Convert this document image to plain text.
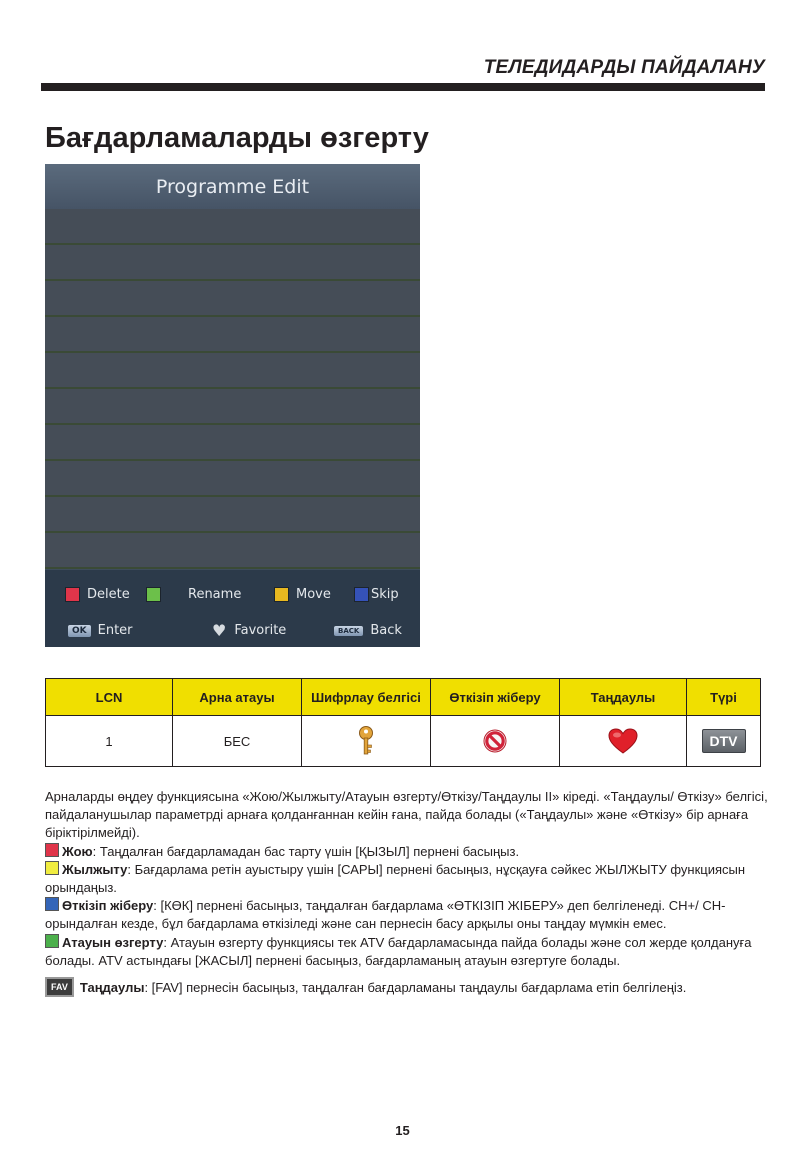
ТЕЛЕДИДАРДЫ ПАЙДАЛАНУ
Бағдарламаларды өзгерту
Programme Edit
Delete	Rename	Move	Skip
OK Enter	♥ Favorite	BACK Back
LCN	Арна атауы	Шифрлау белгісі	Өткізіп жіберу	Таңдаулы	Түрі
1	БЕС				DTV

Арналарды өңдеу функциясына «Жою/Жылжыту/Атауын өзгерту/Өткізу/Таңдаулы II» кіреді. «Таңдаулы/ Өткізу» белгісі, пайдаланушылар параметрді арнаға қолданғаннан кейін ғана, пайда болады («Таңдаулы» және «Өткізу» бір арнаға біріктірілмейді).

Жою: Таңдалған бағдарламадан бас тарту үшін [ҚЫЗЫЛ] пернені басыңыз.

Жылжыту: Бағдарлама ретін ауыстыру үшін [САРЫ] пернені басыңыз, нұсқауға сәйкес ЖЫЛЖЫТУ функциясын орындаңыз.

Өткізіп жіберу: [КӨК] пернені басыңыз, таңдалған бағдарлама «ӨТКІЗІП ЖІБЕРУ» деп белгіленеді. CH+/ CH- орындалған кезде, бұл бағдарлама өткізіледі және сан пернесін басу арқылы оны таңдау мүмкін емес.

Атауын өзгерту: Атауын өзгерту функциясы тек ATV бағдарламасында пайда болады және сол жерде қолдануға болады. ATV астындағы [ЖАСЫЛ] пернені басыңыз, бағдарламаның атауын өзгертуге болады.

FAV Таңдаулы : [FAV] пернесін басыңыз, таңдалған бағдарламаны таңдаулы бағдарлама етіп белгілеңіз.
15
